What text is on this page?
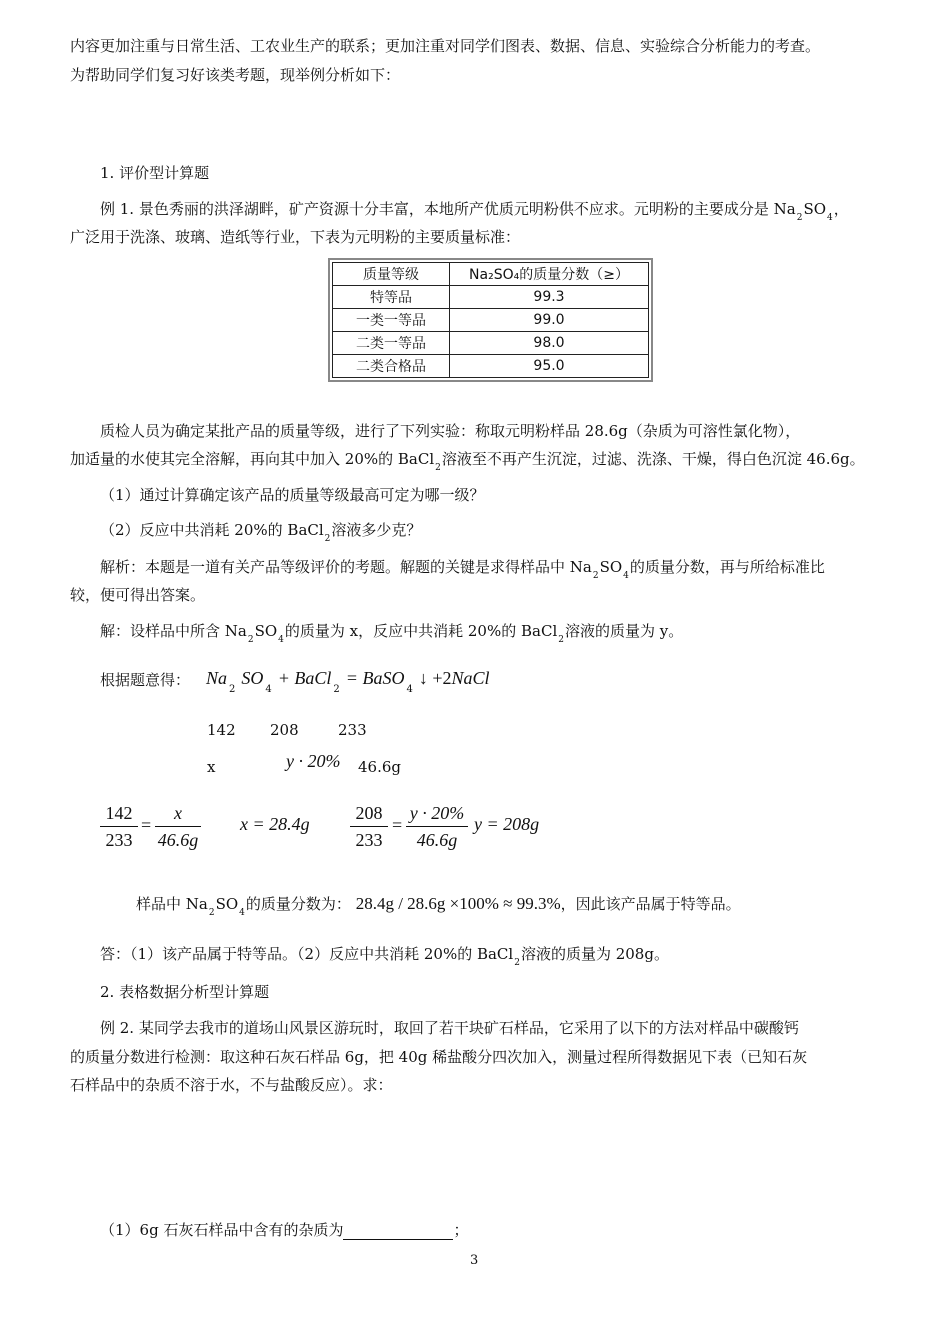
内容更加注重与日常生活、工农业生产的联系；更加注重对同学们图表、数据、信息、实验综合分析能力的考查。
为帮助同学们复习好该类考题，现举例分析如下：
1. 评价型计算题
例 1. 景色秀丽的洪泽湖畔，矿产资源十分丰富，本地所产优质元明粉供不应求。元明粉的主要成分是 $Na_2SO_4$，
广泛用于洗涤、玻璃、造纸等行业，下表为元明粉的主要质量标准：
质量等级	Na₂SO₄的质量分数（≥）
特等品	99.3
一类一等品	99.0
二类一等品	98.0
二类合格品	95.0
质检人员为确定某批产品的质量等级，进行了下列实验：称取元明粉样品 28.6g（杂质为可溶性氯化物），
加适量的水使其完全溶解，再向其中加入 20%的 BaCl$_2$溶液至不再产生沉淀，过滤、洗涤、干燥，得白色沉淀 46.6g。
（1）通过计算确定该产品的质量等级最高可定为哪一级？
（2）反应中共消耗 20%的 BaCl$_2$溶液多少克？
解析：本题是一道有关产品等级评价的考题。解题的关键是求得样品中 $Na_2SO_4$的质量分数，再与所给标准比
较，便可得出答案。
解：设样品中所含 $Na_2SO_4$的质量为 x，反应中共消耗 20%的 BaCl$_2$溶液的质量为 y。
根据题意得： $Na_2SO_4+$ BaCl$_2$= BaSO$_4$↓ +2NaCl
142 208	233
x	y · 20% 46.6g
142
233
=
x
46.6g
x = 28.4g
208
233
=
y · 20%
46.6g
y = 208g
样品中 $Na_2SO_4$的质量分数为： 28.4g / 28.6g ×100% ≈ 99.3%，因此该产品属于特等品。
答：（1）该产品属于特等品。（2）反应中共消耗 20%的 BaCl$_2$溶液的质量为 208g。
2. 表格数据分析型计算题
例 2. 某同学去我市的道场山风景区游玩时，取回了若干块矿石样品，它采用了以下的方法对样品中碳酸钙
的质量分数进行检测：取这种石灰石样品 6g，把 40g 稀盐酸分四次加入，测量过程所得数据见下表（已知石灰
石样品中的杂质不溶于水，不与盐酸反应）。求：
（1）6g 石灰石样品中含有的杂质为	；
3
